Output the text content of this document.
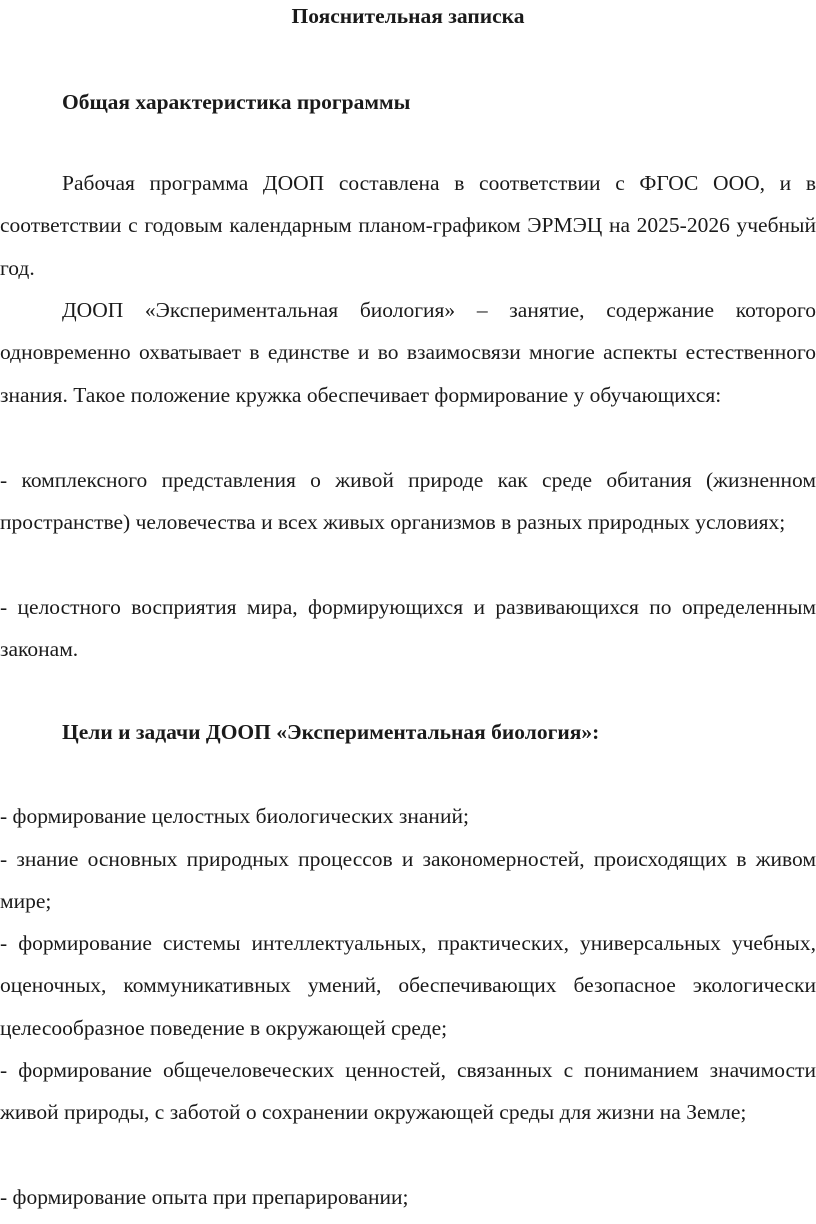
Пояснительная записка
Общая характеристика программы
Рабочая программа ДООП составлена в соответствии с ФГОС ООО, и в соответствии с годовым календарным планом-графиком ЭРМЭЦ на 2025-2026 учебный год.
ДООП «Экспериментальная биология» – занятие, содержание которого одновременно охватывает в единстве и во взаимосвязи многие аспекты естественного знания. Такое положение кружка обеспечивает формирование у обучающихся:
- комплексного представления о живой природе как среде обитания (жизненном пространстве) человечества и всех живых организмов в разных природных условиях;
- целостного восприятия мира, формирующихся и развивающихся по определенным законам.
Цели и задачи ДООП «Экспериментальная биология»:
- формирование целостных биологических знаний;
- знание основных природных процессов и закономерностей, происходящих в живом мире;
- формирование системы интеллектуальных, практических, универсальных учебных, оценочных, коммуникативных умений, обеспечивающих безопасное экологически целесообразное поведение в окружающей среде;
- формирование общечеловеческих ценностей, связанных с пониманием значимости живой природы, с заботой о сохранении окружающей среды для жизни на Земле;
- формирование опыта при препарировании;
